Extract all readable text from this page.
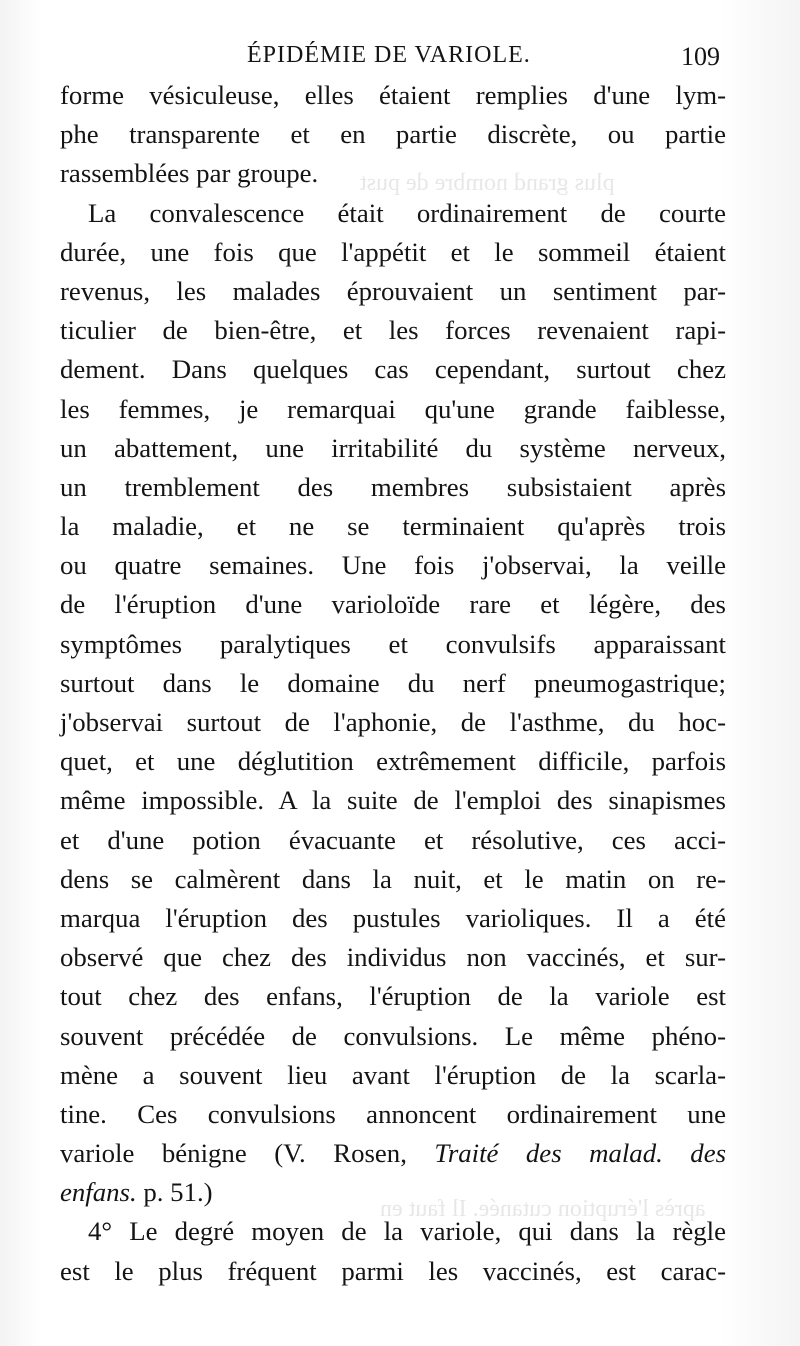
plus grand nombre de pust
après l'éruption cutanée. Il faut en
ÉPIDÉMIE DE VARIOLE.	109
forme vésiculeuse, elles étaient remplies d'une lym-
phe transparente et en partie discrète, ou partie
rassemblées par groupe.
La convalescence était ordinairement de courte
durée, une fois que l'appétit et le sommeil étaient
revenus, les malades éprouvaient un sentiment par-
ticulier de bien-être, et les forces revenaient rapi-
dement. Dans quelques cas cependant, surtout chez
les femmes, je remarquai qu'une grande faiblesse,
un abattement, une irritabilité du système nerveux,
un tremblement des membres subsistaient après
la maladie, et ne se terminaient qu'après trois
ou quatre semaines. Une fois j'observai, la veille
de l'éruption d'une varioloïde rare et légère, des
symptômes paralytiques et convulsifs apparaissant
surtout dans le domaine du nerf pneumogastrique;
j'observai surtout de l'aphonie, de l'asthme, du hoc-
quet, et une déglutition extrêmement difficile, parfois
même impossible. A la suite de l'emploi des sinapismes
et d'une potion évacuante et résolutive, ces acci-
dens se calmèrent dans la nuit, et le matin on re-
marqua l'éruption des pustules varioliques. Il a été
observé que chez des individus non vaccinés, et sur-
tout chez des enfans, l'éruption de la variole est
souvent précédée de convulsions. Le même phéno-
mène a souvent lieu avant l'éruption de la scarla-
tine. Ces convulsions annoncent ordinairement une
variole bénigne (V. Rosen, Traité des malad. des
enfans. p. 51.)
4° Le degré moyen de la variole, qui dans la règle
est le plus fréquent parmi les vaccinés, est carac-
